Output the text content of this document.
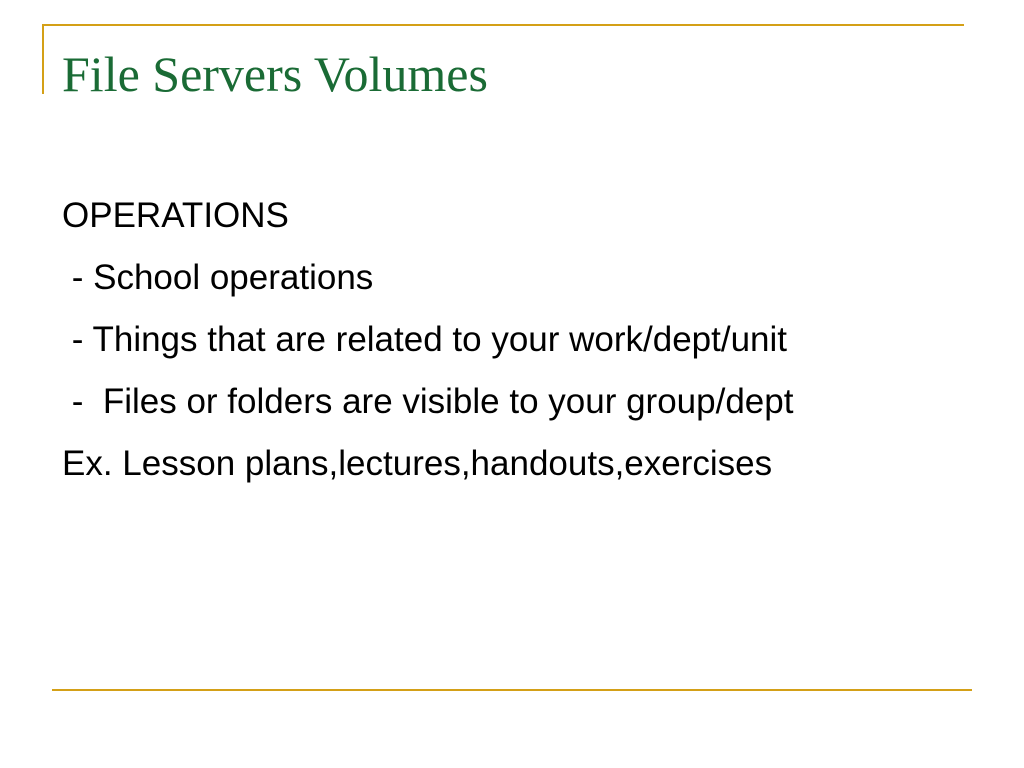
File Servers Volumes
OPERATIONS
- School operations
- Things that are related to your work/dept/unit
-  Files or folders are visible to your group/dept
Ex. Lesson plans,lectures,handouts,exercises
